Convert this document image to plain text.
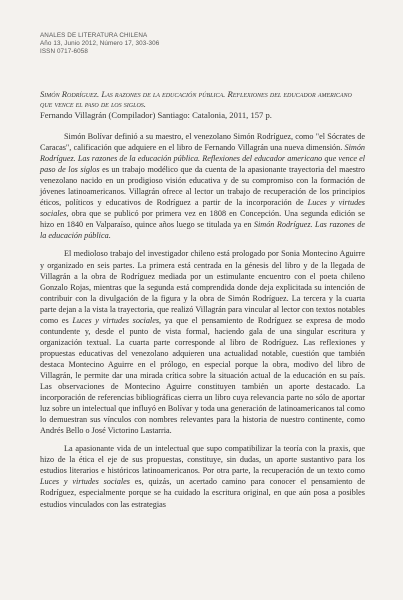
ANALES DE LITERATURA CHILENA
Año 13, Junio 2012, Número 17, 303-306
ISSN 0717-6058
Simón Rodríguez. Las razones de la educación pública. Reflexiones del educador americano que vence el paso de los siglos.
Fernando Villagrán (Compilador) Santiago: Catalonia, 2011, 157 p.

Simón Bolívar definió a su maestro, el venezolano Simón Rodríguez, como "el Sócrates de Caracas", calificación que adquiere en el libro de Fernando Villagrán una nueva dimensión. Simón Rodríguez. Las razones de la educación pública. Reflexiones del educador americano que vence el paso de los siglos es un trabajo modélico que da cuenta de la apasionante trayectoria del maestro venezolano nacido en un prodigioso visión educativa y de su compromiso con la formación de jóvenes latinoamericanos. Villagrán ofrece al lector un trabajo de recuperación de los principios éticos, políticos y educativos de Rodríguez a partir de la incorporación de Luces y virtudes sociales, obra que se publicó por primera vez en 1808 en Concepción. Una segunda edición se hizo en 1840 en Valparaíso, quince años luego se titulada ya en Simón Rodríguez. Las razones de la educación pública.

El medioloso trabajo del investigador chileno está prologado por Sonia Montecino Aguirre y organizado en seis partes. La primera está centrada en la génesis del libro y de la llegada de Villagrán a la obra de Rodríguez mediada por un estimulante encuentro con el poeta chileno Gonzalo Rojas, mientras que la segunda está comprendida donde deja explicitada su intención de contribuir con la divulgación de la figura y la obra de Simón Rodríguez. La tercera y la cuarta parte dejan a la vista la trayectoria, que realizó Villagrán para vincular al lector con textos notables como es Luces y virtudes sociales, ya que el pensamiento de Rodríguez se expresa de modo contundente y, desde el punto de vista formal, haciendo gala de una singular escritura y organización textual. La cuarta parte corresponde al libro de Rodríguez. Las reflexiones y propuestas educativas del venezolano adquieren una actualidad notable, cuestión que también destaca Montecino Aguirre en el prólogo, en especial porque la obra, modivo del libro de Villagrán, le permite dar una mirada crítica sobre la situación actual de la educación en su país. Las observaciones de Montecino Aguirre constituyen también un aporte destacado. La incorporación de referencias bibliográficas cierra un libro cuya relevancia parte no sólo de aportar luz sobre un intelectual que influyó en Bolívar y toda una generación de latinoamericanos tal como lo demuestran sus vínculos con nombres relevantes para la historia de nuestro continente, como Andrés Bello o José Victorino Lastarria.

La apasionante vida de un intelectual que supo compatibilizar la teoría con la praxis, que hizo de la ética el eje de sus propuestas, constituye, sin dudas, un aporte sustantivo para los estudios literarios e históricos latinoamericanos. Por otra parte, la recuperación de un texto como Luces y virtudes sociales es, quizás, un acertado camino para conocer el pensamiento de Rodríguez, especialmente porque se ha cuidado la escritura original, en que aún posa a posibles estudios vinculados con las estrategias
